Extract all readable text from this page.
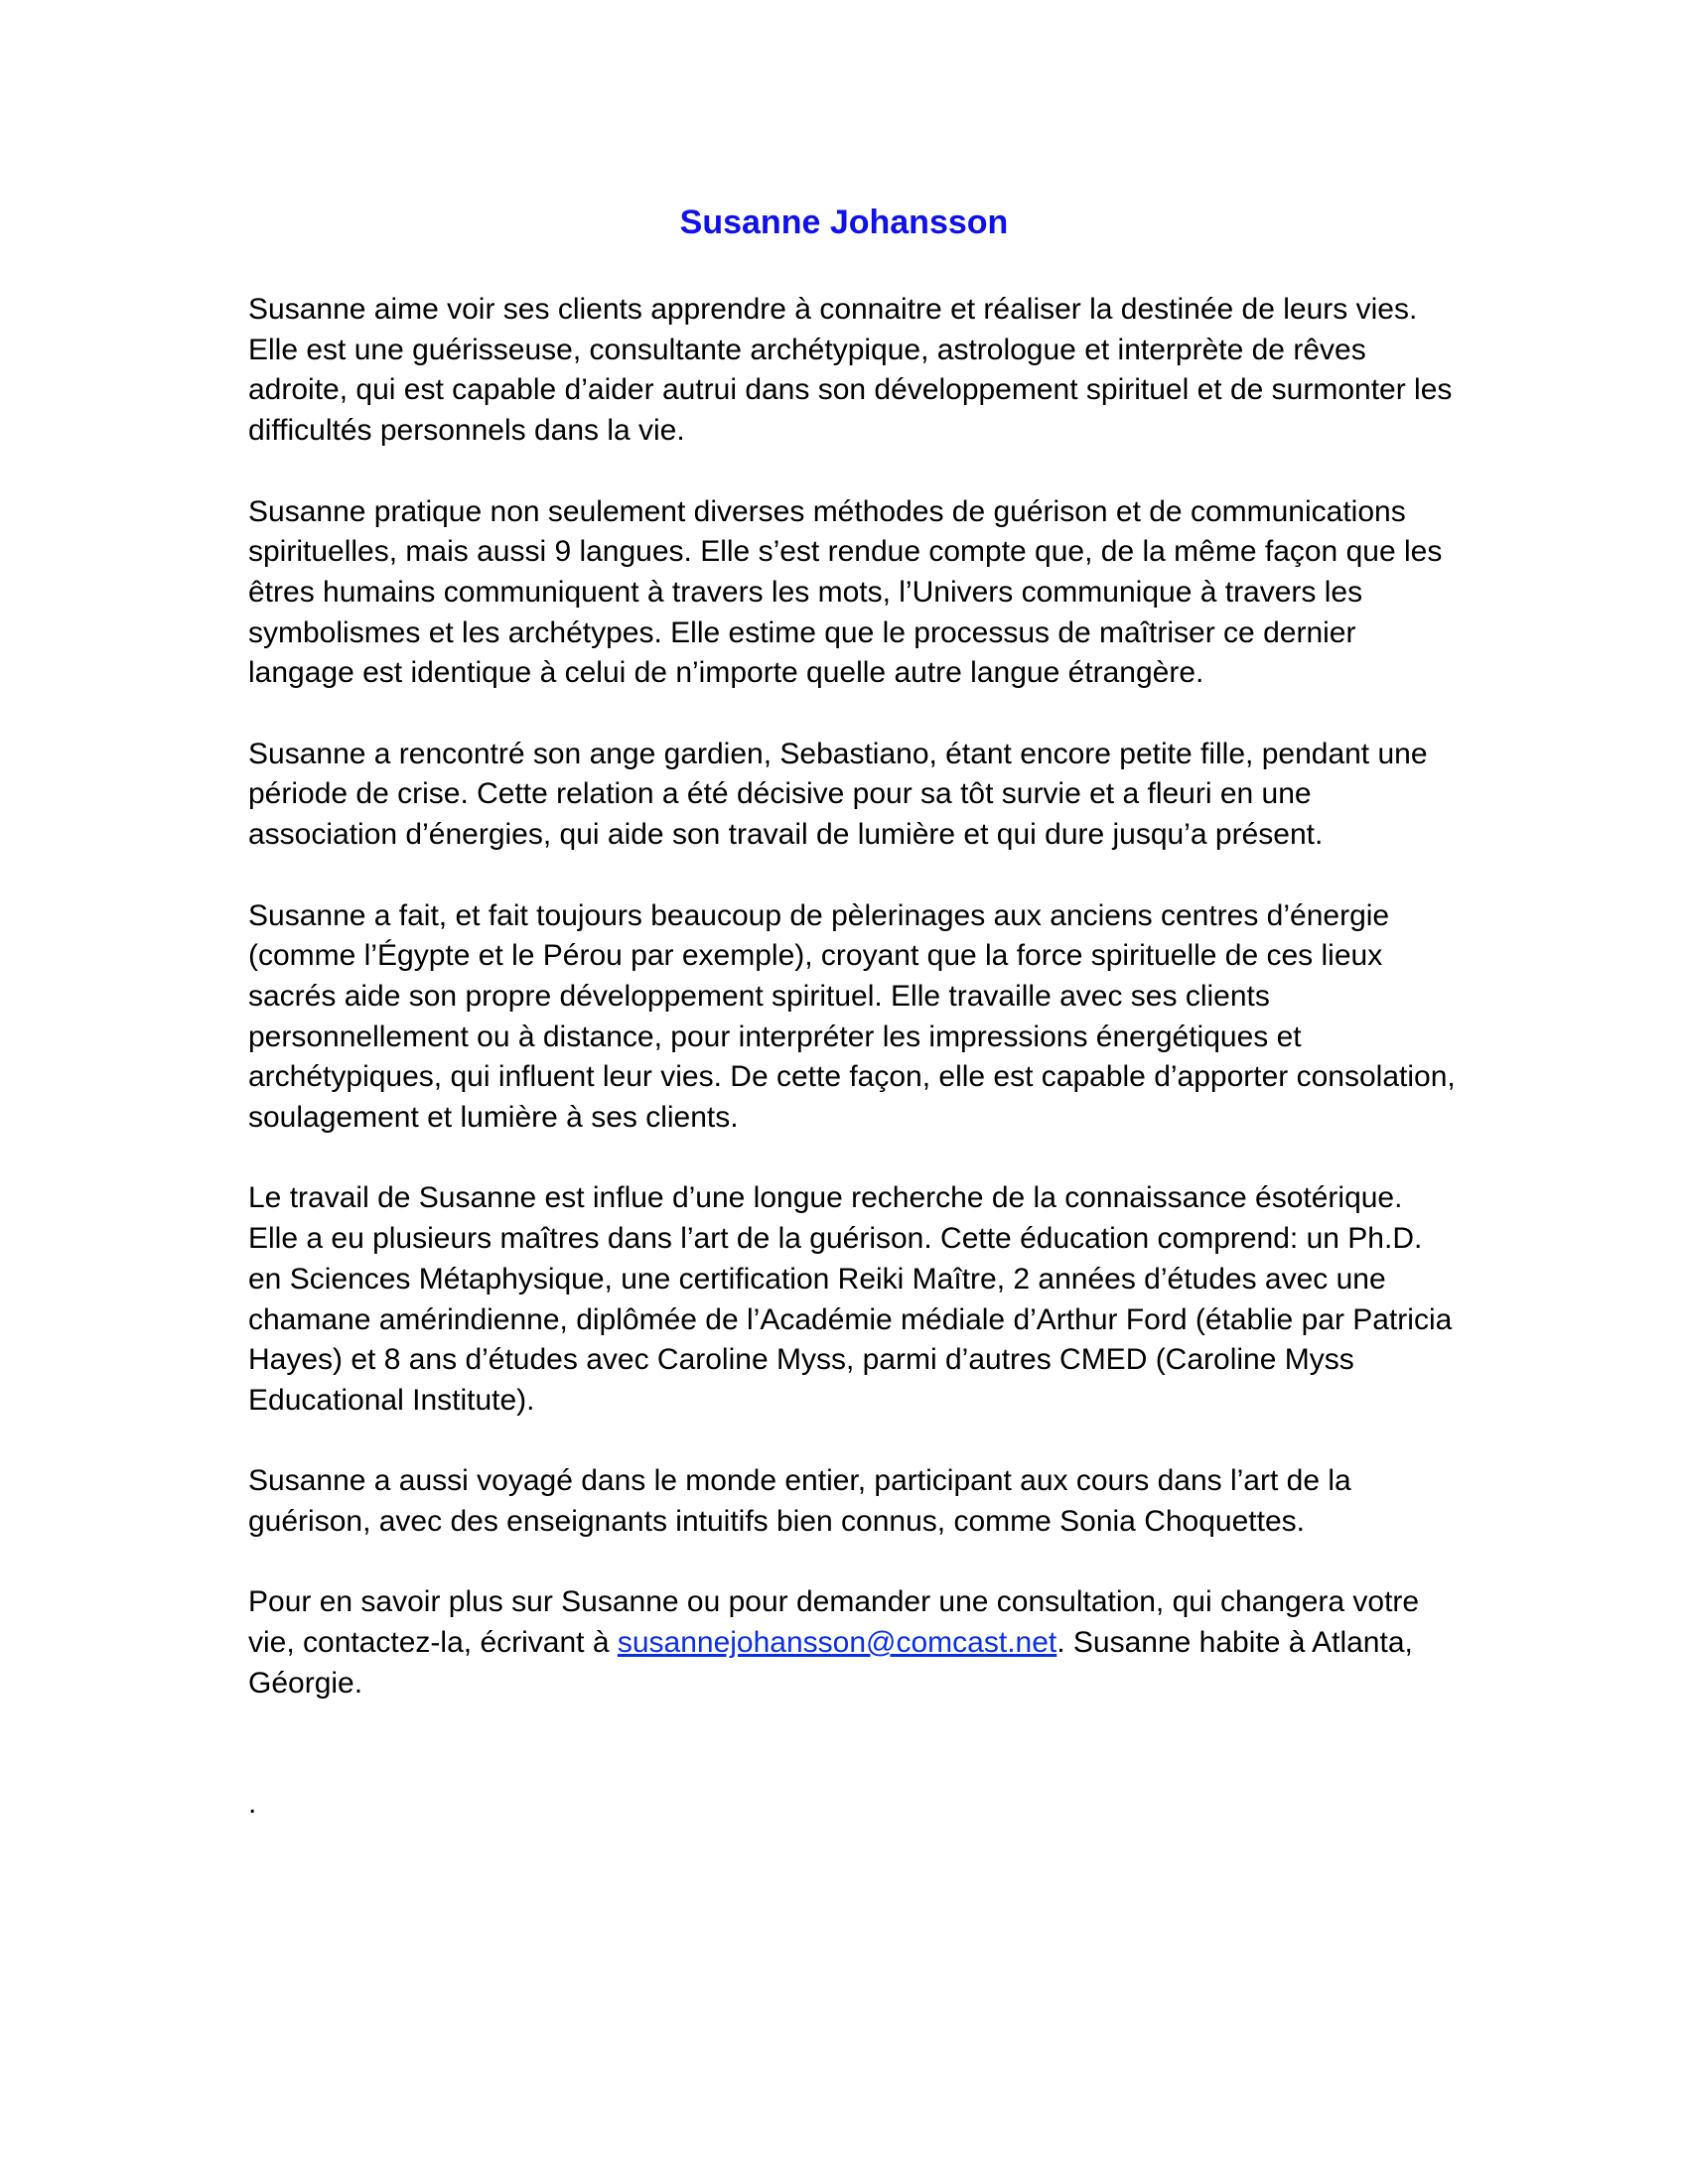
Susanne Johansson

Susanne aime voir ses clients apprendre à connaitre et réaliser la destinée de leurs vies. Elle est une guérisseuse, consultante archétypique, astrologue et interprète de rêves adroite, qui est capable d’aider autrui dans son développement spirituel et de surmonter les difficultés personnels dans la vie.

Susanne pratique non seulement diverses méthodes de guérison et de communications spirituelles, mais aussi 9 langues. Elle s’est rendue compte que, de la même façon que les êtres humains communiquent à travers les mots, l’Univers communique à travers les symbolismes et les archétypes. Elle estime que le processus de maîtriser ce dernier langage est identique à celui de n’importe quelle autre langue étrangère.

Susanne a rencontré son ange gardien, Sebastiano, étant encore petite fille, pendant une période de crise. Cette relation a été décisive pour sa tôt survie et a fleuri en une association d’énergies, qui aide son travail de lumière et qui dure jusqu’a présent.

Susanne a fait, et fait toujours beaucoup de pèlerinages aux anciens centres d’énergie (comme l’Égypte et le Pérou par exemple), croyant que la force spirituelle de ces lieux sacrés aide son propre développement spirituel. Elle travaille avec ses clients personnellement ou à distance, pour interpréter les impressions énergétiques et archétypiques, qui influent leur vies. De cette façon, elle est capable d’apporter consolation, soulagement et lumière à ses clients.

Le travail de Susanne est influe d’une longue recherche de la connaissance ésotérique. Elle a eu plusieurs maîtres dans l’art de la guérison. Cette éducation comprend: un Ph.D. en Sciences Métaphysique, une certification Reiki Maître, 2 années d’études avec une chamane amérindienne, diplômée de l’Académie médiale d’Arthur Ford (établie par Patricia Hayes) et 8 ans d’études avec Caroline Myss, parmi d’autres CMED (Caroline Myss Educational Institute).

Susanne a aussi voyagé dans le monde entier, participant aux cours dans l’art de la guérison, avec des enseignants intuitifs bien connus, comme Sonia Choquettes.

Pour en savoir plus sur Susanne ou pour demander une consultation, qui changera votre vie, contactez-la, écrivant à susannejohansson@comcast.net. Susanne habite à Atlanta, Géorgie.

.
